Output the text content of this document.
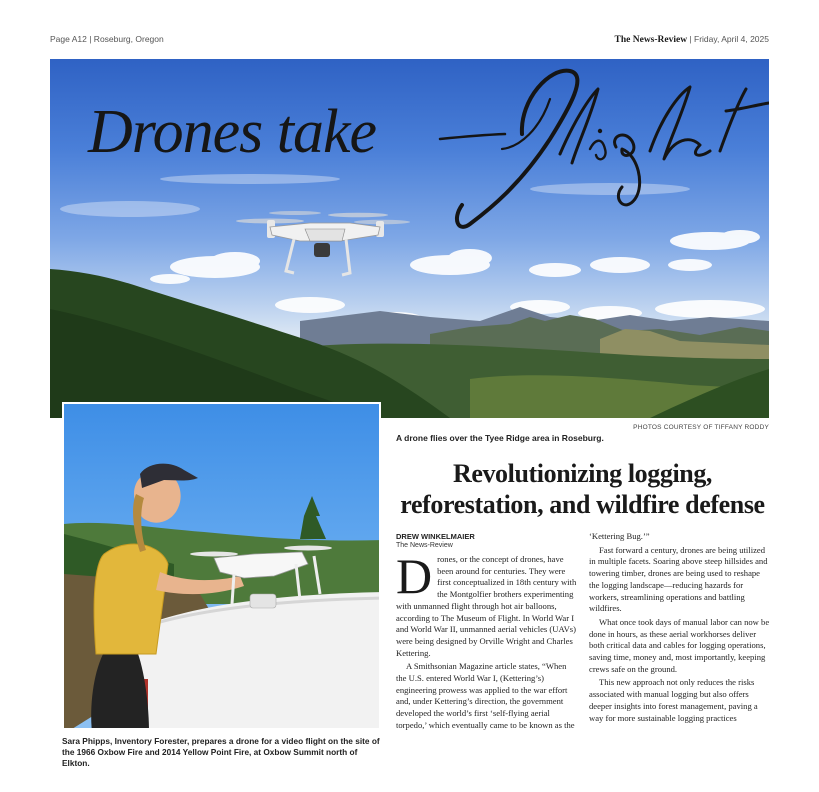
Page A12 | Roseburg, Oregon	The News-Review | Friday, April 4, 2025
Drones take
PHOTOS COURTESY OF TIFFANY RODDY
A drone flies over the Tyee Ridge area in Roseburg.
Sara Phipps, Inventory Forester, prepares a drone for a video flight on the site of the 1966 Oxbow Fire and 2014 Yellow Point Fire, at Oxbow Summit north of Elkton.
Revolutionizing logging, reforestation, and wildfire defense
DREW WINKELMAIER
The News-Review

Drones, or the concept of drones, have been around for centuries. They were first conceptualized in 18th century with the Montgolfier brothers experimenting with unmanned flight through hot air balloons, according to The Museum of Flight. In World War I and World War II, unmanned aerial vehicles (UAVs) were being designed by Orville Wright and Charles Kettering.

A Smithsonian Magazine article states, “When the U.S. entered World War I, (Kettering’s) engineering prowess was applied to the war effort and, under Kettering’s direction, the government developed the world’s first ‘self-flying aerial torpedo,’ which eventually came to be known as the

‘Kettering Bug.’”

Fast forward a century, drones are being utilized in multiple facets. Soaring above steep hillsides and towering timber, drones are being used to reshape the logging landscape—reducing hazards for workers, streamlining operations and battling wildfires.

What once took days of manual labor can now be done in hours, as these aerial workhorses deliver both critical data and cables for logging operations, saving time, money and, most importantly, keeping crews safe on the ground.

This new approach not only reduces the risks associated with manual logging but also offers deeper insights into forest management, paving a way for more sustainable logging practices
